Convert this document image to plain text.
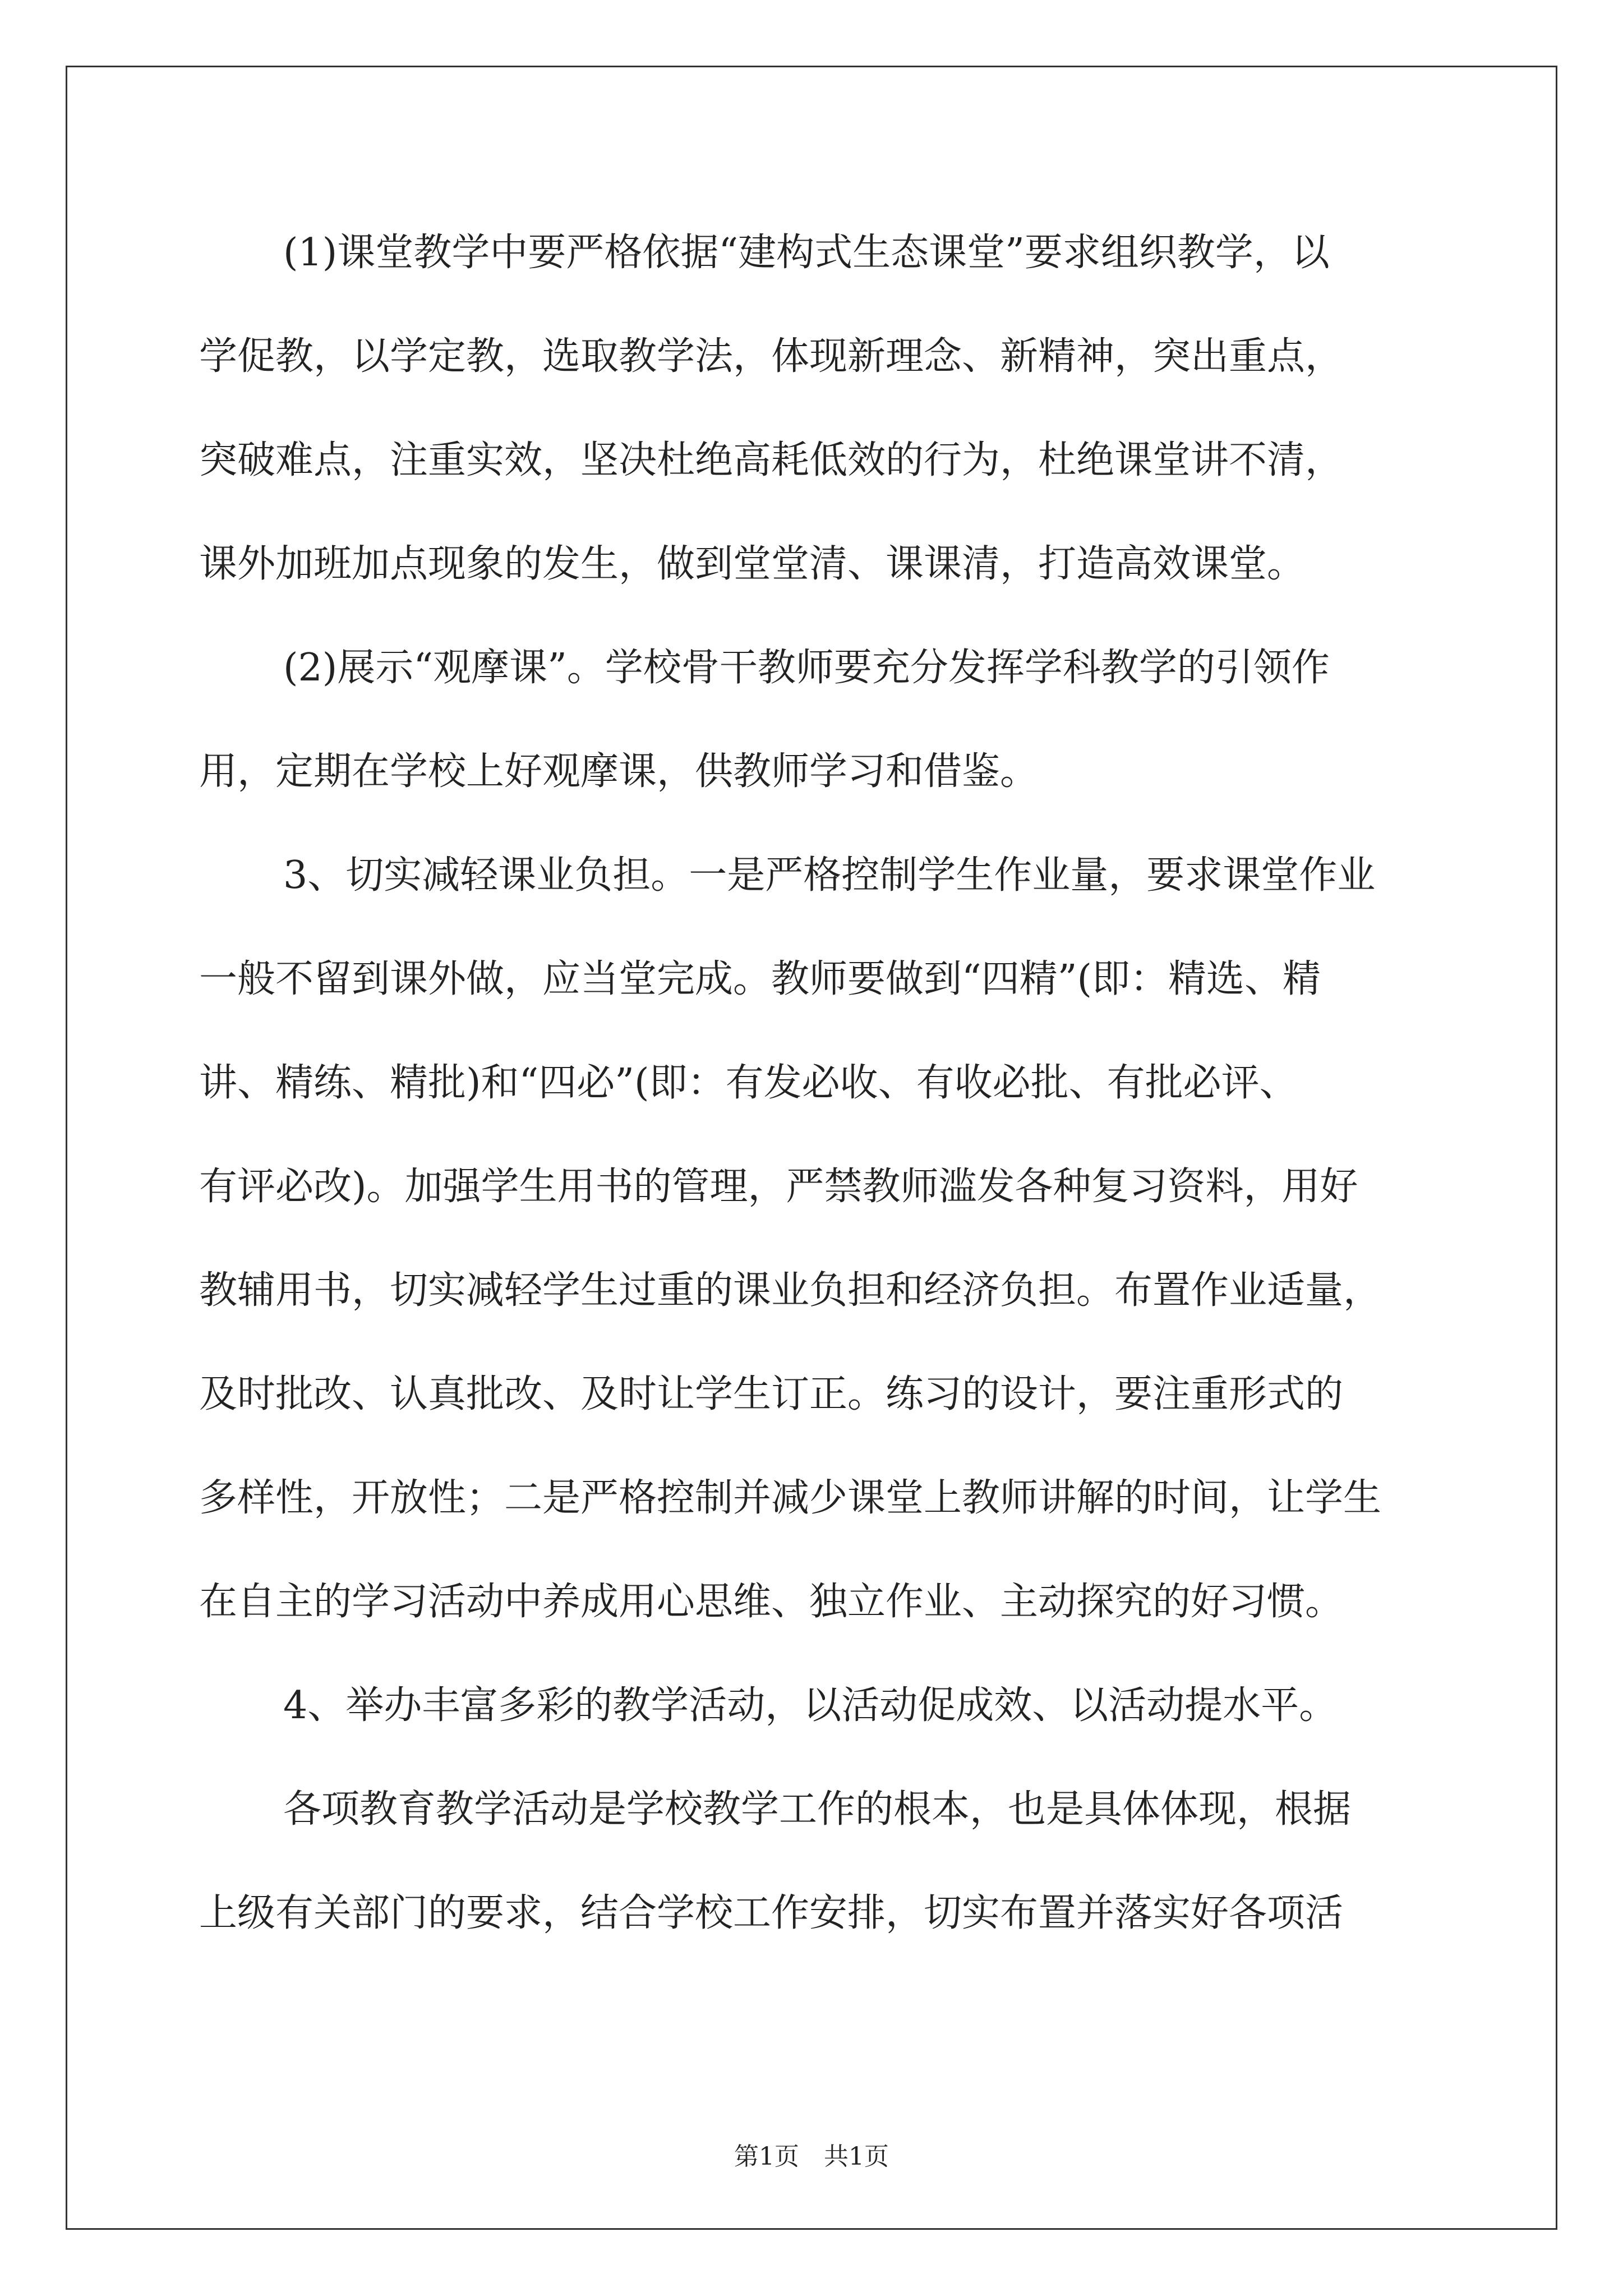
(1)课堂教学中要严格依据“建构式生态课堂”要求组织教学，以
学促教，以学定教，选取教学法，体现新理念、新精神，突出重点，
突破难点，注重实效，坚决杜绝高耗低效的行为，杜绝课堂讲不清，
课外加班加点现象的发生，做到堂堂清、课课清，打造高效课堂。
(2)展示“观摩课”。学校骨干教师要充分发挥学科教学的引领作
用，定期在学校上好观摩课，供教师学习和借鉴。
3、切实减轻课业负担。一是严格控制学生作业量，要求课堂作业
一般不留到课外做，应当堂完成。教师要做到“四精”(即：精选、精
讲、精练、精批)和“四必”(即：有发必收、有收必批、有批必评、
有评必改)。加强学生用书的管理，严禁教师滥发各种复习资料，用好
教辅用书，切实减轻学生过重的课业负担和经济负担。布置作业适量，
及时批改、认真批改、及时让学生订正。练习的设计，要注重形式的
多样性，开放性；二是严格控制并减少课堂上教师讲解的时间，让学生
在自主的学习活动中养成用心思维、独立作业、主动探究的好习惯。
4、举办丰富多彩的教学活动，以活动促成效、以活动提水平。
各项教育教学活动是学校教学工作的根本，也是具体体现，根据
上级有关部门的要求，结合学校工作安排，切实布置并落实好各项活
第1页　共1页
